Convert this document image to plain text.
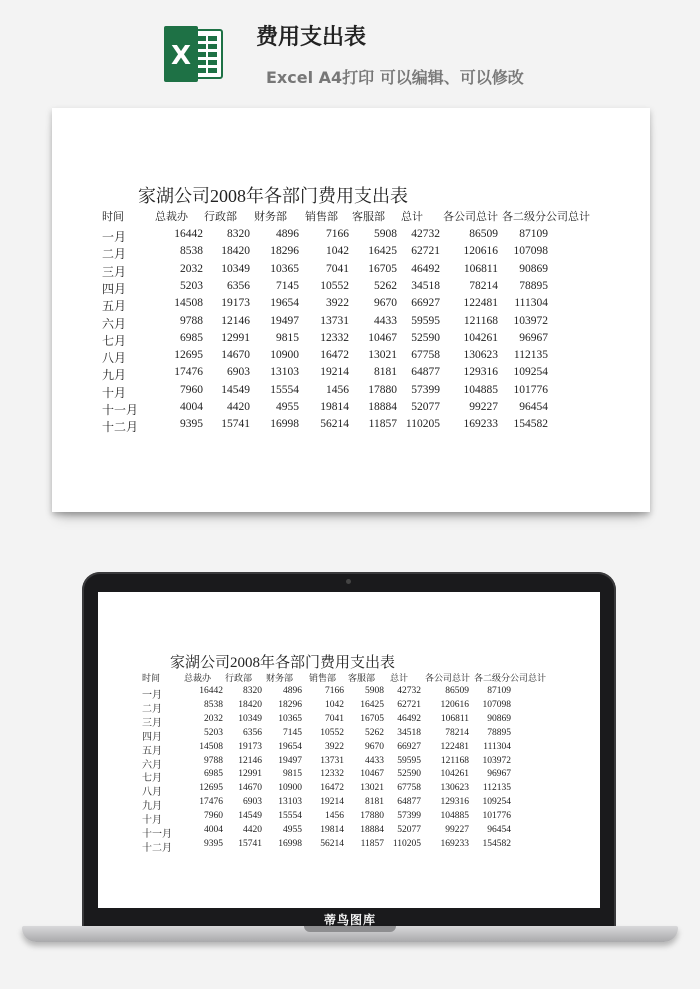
X
费用支出表
Excel A4打印 可以编辑、可以修改
家湖公司2008年各部门费用支出表
时间	总裁办 行政部 财务部 销售部 客服部 总计 各公司总计 各二级分公司总计
一月	16442	8320	4896	7166	5908	42732	86509	87109
二月	8538	18420	18296	1042	16425	62721	120616	107098
三月	2032	10349	10365	7041	16705	46492	106811	90869
四月	5203	6356	7145	10552	5262	34518	78214	78895
五月	14508	19173	19654	3922	9670	66927	122481	111304
六月	9788	12146	19497	13731	4433	59595	121168	103972
七月	6985	12991	9815	12332	10467	52590	104261	96967
八月	12695	14670	10900	16472	13021	67758	130623	112135
九月	17476	6903	13103	19214	8181	64877	129316	109254
十月	7960	14549	15554	1456	17880	57399	104885	101776
十一月	4004	4420	4955	19814	18884	52077	99227	96454
十二月	9395	15741	16998	56214	11857 110205	169233	154582
家湖公司2008年各部门费用支出表
时间	总裁办 行政部 财务部 销售部 客服部 总计 各公司总计 各二级分公司总计
一月	16442	8320	4896	7166	5908	42732	86509	87109
二月	8538	18420	18296	1042	16425	62721	120616	107098
三月	2032	10349	10365	7041	16705	46492	106811	90869
四月	5203	6356	7145	10552	5262	34518	78214	78895
五月	14508	19173	19654	3922	9670	66927	122481	111304
六月	9788	12146	19497	13731	4433	59595	121168	103972
七月	6985	12991	9815	12332	10467	52590	104261	96967
八月	12695	14670	10900	16472	13021	67758	130623	112135
九月	17476	6903	13103	19214	8181	64877	129316	109254
十月	7960	14549	15554	1456	17880	57399	104885	101776
十一月	4004	4420	4955	19814	18884	52077	99227	96454
十二月	9395	15741	16998	56214	11857 110205	169233	154582
蒂鸟图库
